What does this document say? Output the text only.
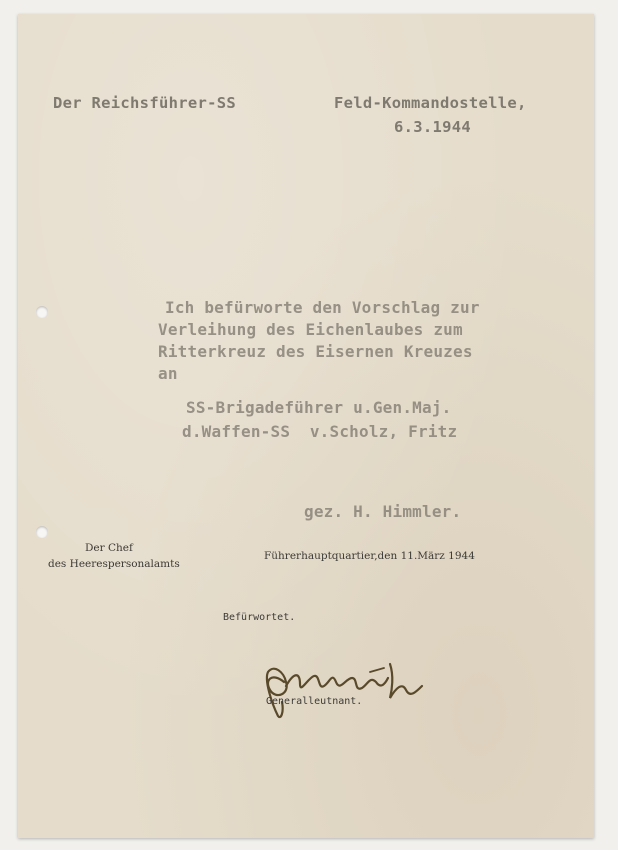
Der Reichsführer-SS	Feld-Kommandostelle,

6.3.1944

Ich befürworte den Vorschlag zur

Verleihung des Eichenlaubes zum

Ritterkreuz des Eisernen Kreuzes

an

SS-Brigadeführer u.Gen.Maj.

d.Waffen-SS  v.Scholz, Fritz

gez. H. Himmler.

Der Chef

des Heerespersonalamts

Führerhauptquartier,den 11.März 1944

Befürwortet.

Generalleutnant.
